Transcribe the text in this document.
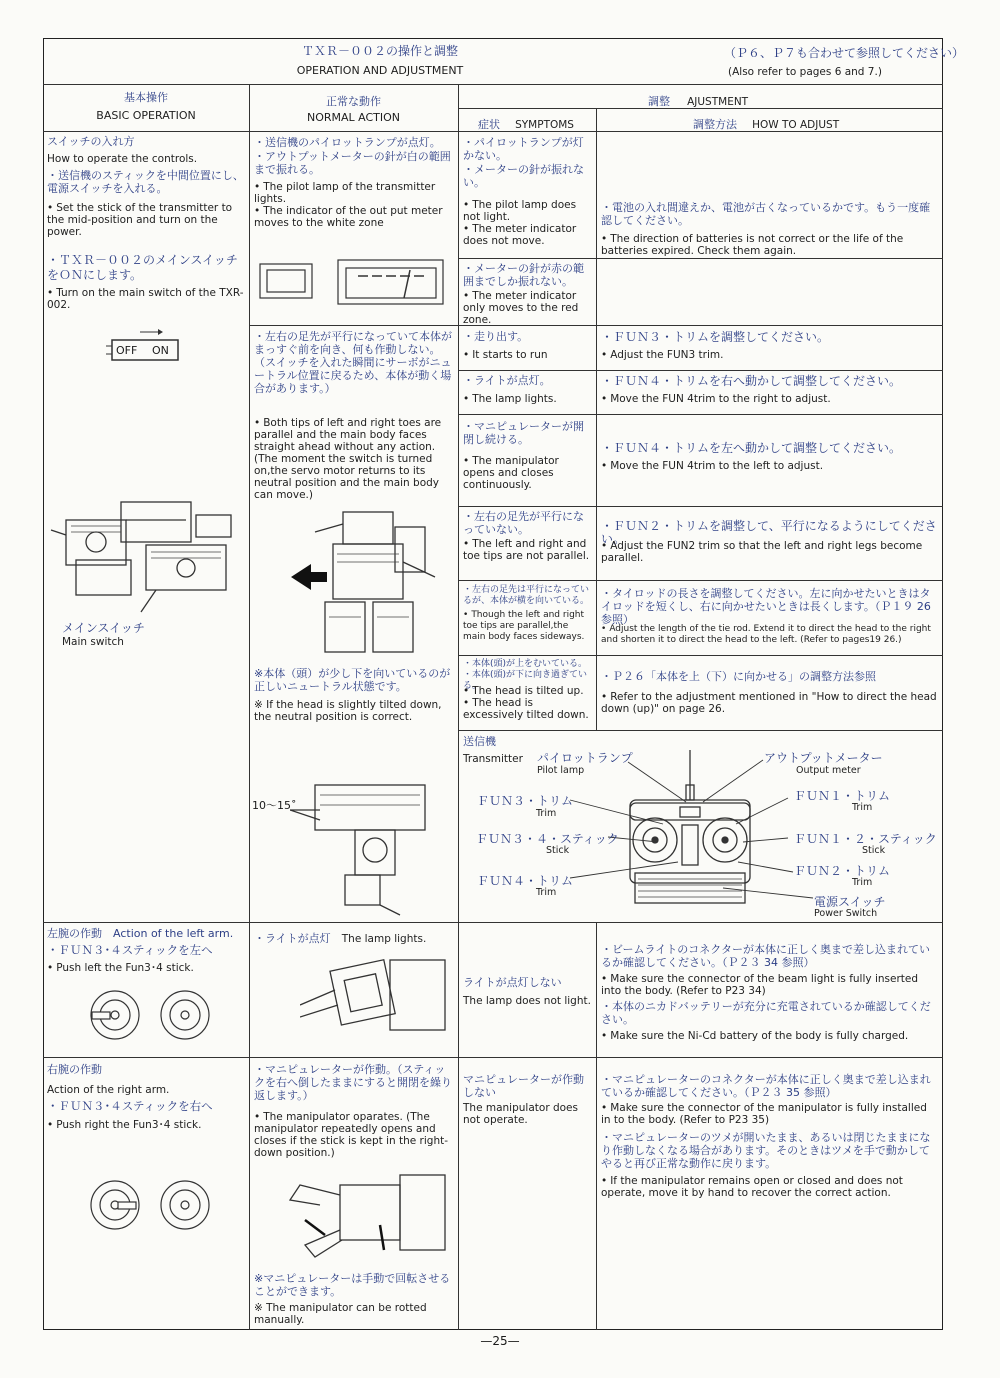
ＴＸＲ－００２の操作と調整
OPERATION AND ADJUSTMENT
（Ｐ６、Ｐ７も合わせて参照してください）
(Also refer to pages 6 and 7.)
基本操作
BASIC OPERATION
正常な動作
NORMAL ACTION
調整 AJUSTMENT
症状 SYMPTOMS	調整方法 HOW TO ADJUST
スイッチの入れ方
How to operate the controls.
・ 送信機のスティックを中間位置にし、電源スイッチを入れる。
• Set the stick of the transmitter to the mid-position and turn on the power.
・ ＴＸＲ－００２のメインスイッチをＯＮにします。
• Turn on the main switch of the TXR-002.
OFF ON
メインスイッチ
Main switch
左腕の作動　Action of the left arm.
・ ＦＵＮ３･４スティックを左へ
• Push left the Fun3･4 stick.
右腕の作動
Action of the right arm.
・ ＦＵＮ３･４スティックを右へ
• Push right the Fun3･4 stick.
・ 送信機のパイロットランプが点灯。
・ アウトプットメーターの針が白の範囲まで振れる。
• The pilot lamp of the transmitter lights.
• The indicator of the out put meter moves to the white zone
・ 左右の足先が平行になっていて本体がまっすぐ前を向き、何も作動しない。（スイッチを入れた瞬間にサーボがニュートラル位置に戻るため、本体が動く場合があります。）
• Both tips of left and right toes are parallel and the main body faces straight ahead without any action. (The moment the switch is turned on,the servo motor returns to its neutral position and the main body can move.)
※本体（頭）が少し下を向いているのが正しいニュートラル状態です。
※ If the head is slightly tilted down, the neutral position is correct.
10〜15˚
・ ライトが点灯 The lamp lights.
・ マニピュレーターが作動。（スティックを右へ倒したままにすると開閉を繰り返します。）
• The manipulator oparates. (The manipulator repeatedly opens and closes if the stick is kept in the right-down position.)
※マニピュレーターは手動で回転させることができます。
※ The manipulator can be rotted manually.
・ パイロットランプが灯かない。
・ メーターの針が振れない。
• The pilot lamp does not light.
• The meter indicator does not move.
・ メーターの針が赤の範囲までしか振れない。
• The meter indicator only moves to the red zone.
・ 走り出す。
• It starts to run
・ ライトが点灯。
• The lamp lights.
・ マニピュレーターが開閉し続ける。
• The manipulator opens and closes continuously.
・ 左右の足先が平行になっていない。
• The left and right and toe tips are not parallel.
・ 左右の足先は平行になっているが、本体が横を向いている。
• Though the left and right toe tips are parallel,the main body faces sideways.
・ 本体(頭)が上をむいている。
・ 本体(頭)が下に向き過ぎている。
• The head is tilted up.
• The head is excessively tilted down.
・ 電池の入れ間違えか、電池が古くなっているかです。もう一度確認してください。
• The direction of batteries is not correct or the life of the batteries expired. Check them again.
・ ＦＵＮ３・トリムを調整してください。
• Adjust the FUN3 trim.
・ ＦＵＮ４・トリムを右へ動かして調整してください。
• Move the FUN 4trim to the right to adjust.
・ ＦＵＮ４・トリムを左へ動かして調整してください。
• Move the FUN 4trim to the left to adjust.
・ ＦＵＮ２・トリムを調整して、平行になるようにしてください。
• Adjust the FUN2 trim so that the left and right legs become parallel.
・ タイロッドの長さを調整してください。左に向かせたいときはタイロッドを短くし、右に向かせたいときは長くします。（Ｐ１９ 26 参照）
• Adjust the length of the tie rod. Extend it to direct the head to the right and shorten it to direct the head to the left. (Refer to pages19 26.)
・ Ｐ２６「本体を上（下）に向かせる」の調整方法参照
• Refer to the adjustment mentioned in "How to direct the head down (up)" on page 26.
送信機
Transmitter パイロットランプ
Pilot lamp
アウトプットメーター
Output meter
ＦＵＮ３・トリム
Trim
ＦＵＮ３・４・スティック
Stick
ＦＵＮ４・トリム
Trim
ＦＵＮ１・トリム
Trim
ＦＵＮ１・２・スティック
Stick
ＦＵＮ２・トリム
Trim
電源スイッチ
Power Switch
ライトが点灯しない
The lamp does not light.
・ ビームライトのコネクターが本体に正しく奥まで差し込まれているか確認してください。（Ｐ２３ 34 参照）
• Make sure the connector of the beam light is fully inserted into the body. (Refer to P23 34)
・ 本体のニカドバッテリーが充分に充電されているか確認してください。
• Make sure the Ni-Cd battery of the body is fully charged.
マニピュレーターが作動しない
The manipulator does not operate.
・ マニピュレーターのコネクターが本体に正しく奥まで差し込まれているか確認してください。（Ｐ２３ 35 参照）
• Make sure the connector of the manipulator is fully installed in to the body. (Refer to P23 35)
・ マニピュレーターのツメが開いたまま、あるいは閉じたままになり作動しなくなる場合があります。そのときはツメを手で動かしてやると再び正常な動作に戻ります。
• If the manipulator remains open or closed and does not operate, move it by hand to recover the correct action.
—25—
